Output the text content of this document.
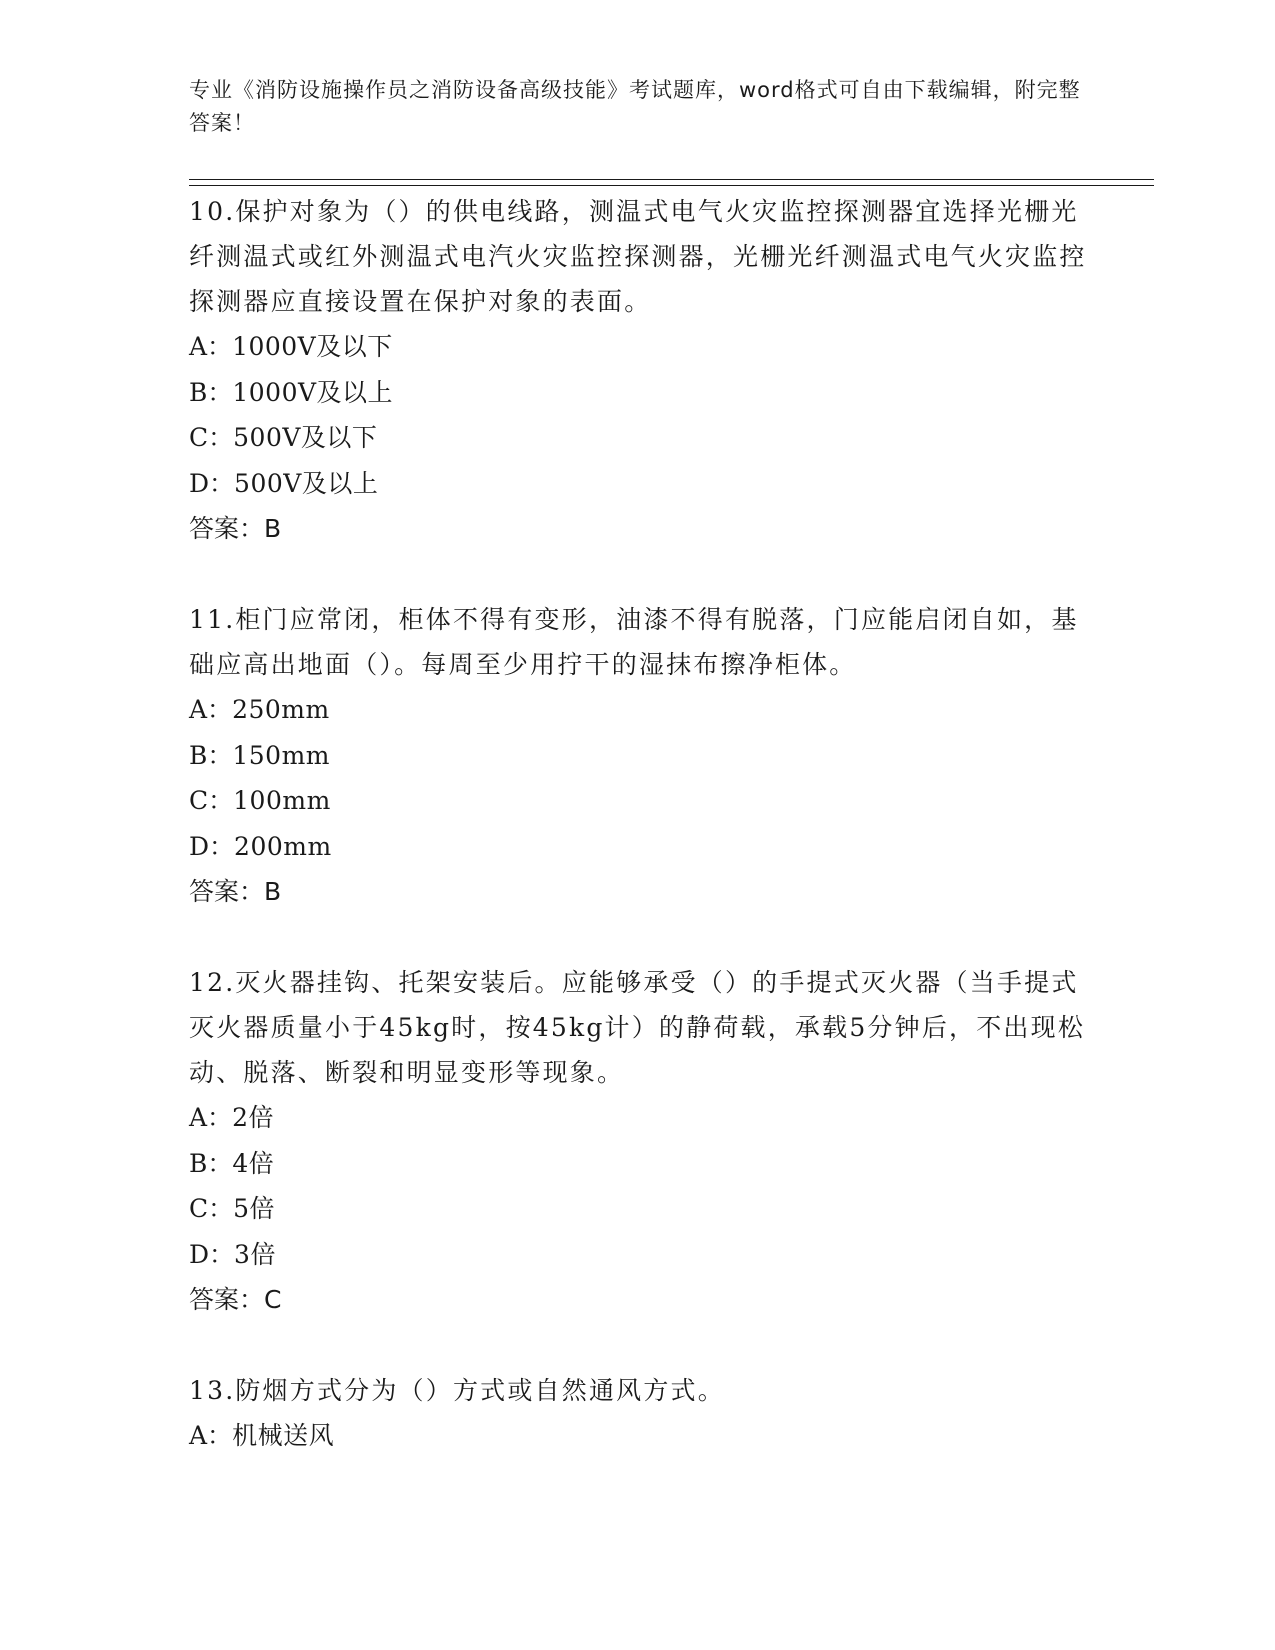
专业《消防设施操作员之消防设备高级技能》考试题库，word格式可自由下载编辑，附完整答案！

10.保护对象为（）的供电线路，测温式电气火灾监控探测器宜选择光栅光纤测温式或红外测温式电汽火灾监控探测器，光栅光纤测温式电气火灾监控探测器应直接设置在保护对象的表面。

A：1000V及以下

B：1000V及以上

C：500V及以下

D：500V及以上

答案：B

11.柜门应常闭，柜体不得有变形，油漆不得有脱落，门应能启闭自如，基础应高出地面（）。每周至少用拧干的湿抹布擦净柜体。

A：250mm

B：150mm

C：100mm

D：200mm

答案：B

12.灭火器挂钩、托架安装后。应能够承受（）的手提式灭火器（当手提式灭火器质量小于45kg时，按45kg计）的静荷载，承载5分钟后，不出现松动、脱落、断裂和明显变形等现象。

A：2倍

B：4倍

C：5倍

D：3倍

答案：C

13.防烟方式分为（）方式或自然通风方式。

A：机械送风
